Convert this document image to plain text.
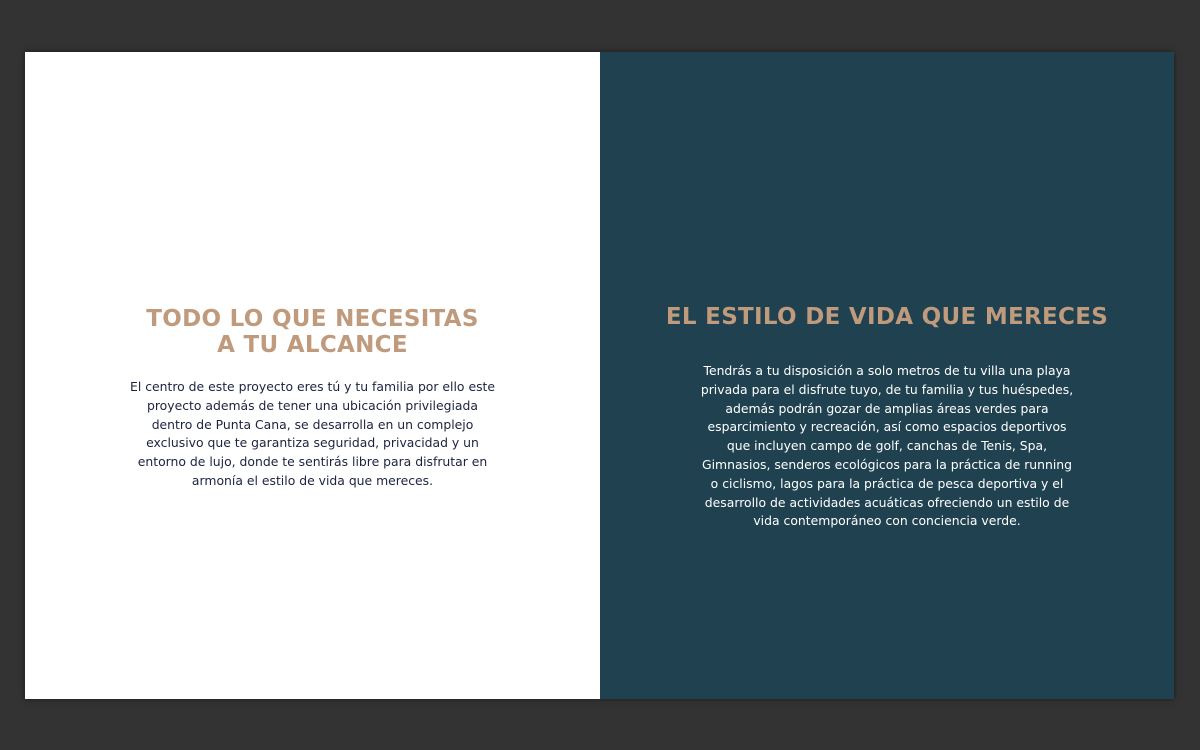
TODO LO QUE NECESITAS
A TU ALCANCE
El centro de este proyecto eres tú y tu familia por ello este
proyecto además de tener una ubicación privilegiada
dentro de Punta Cana, se desarrolla en un complejo
exclusivo que te garantiza seguridad, privacidad y un
entorno de lujo, donde te sentirás libre para disfrutar en
armonía el estilo de vida que mereces.
EL ESTILO DE VIDA QUE MERECES
Tendrás a tu disposición a solo metros de tu villa una playa
privada para el disfrute tuyo, de tu familia y tus huéspedes,
además podrán gozar de amplias áreas verdes para
esparcimiento y recreación, así como espacios deportivos
que incluyen campo de golf, canchas de Tenis, Spa,
Gimnasios, senderos ecológicos para la práctica de running
o ciclismo, lagos para la práctica de pesca deportiva y el
desarrollo de actividades acuáticas ofreciendo un estilo de
vida contemporáneo con conciencia verde.
